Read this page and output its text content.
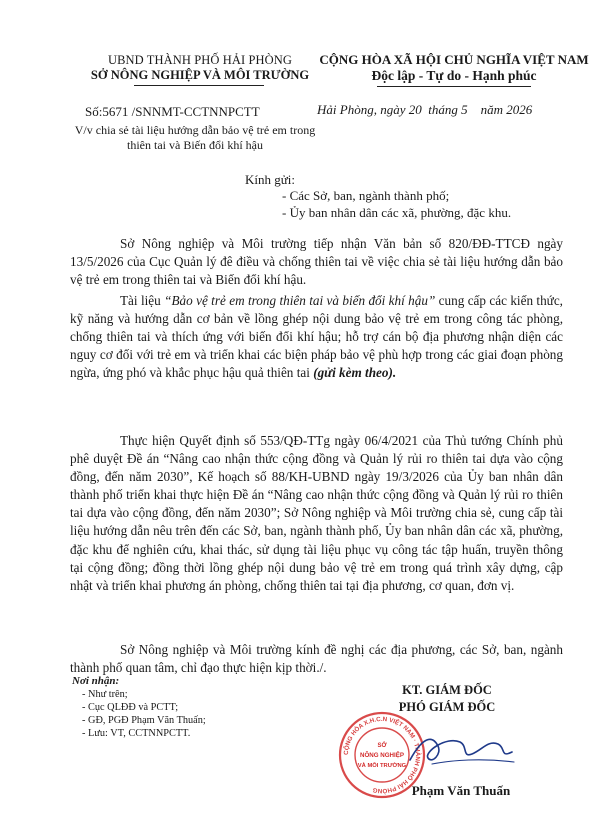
UBND THÀNH PHỐ HẢI PHÒNG
SỞ NÔNG NGHIỆP VÀ MÔI TRƯỜNG
CỘNG HÒA XÃ HỘI CHỦ NGHĨA VIỆT NAM
Độc lập - Tự do - Hạnh phúc
Số:5671 /SNNMT-CCTNNPCTT
V/v chia sẻ tài liệu hướng dẫn bảo vệ trẻ em trong thiên tai và Biến đổi khí hậu
Hải Phòng, ngày 20  tháng 5    năm 2026
Kính gửi:
- Các Sở, ban, ngành thành phố;
- Ủy ban nhân dân các xã, phường, đặc khu.
Sở Nông nghiệp và Môi trường tiếp nhận Văn bản số 820/ĐĐ-TTCĐ ngày 13/5/2026 của Cục Quản lý đê điều và chống thiên tai về việc chia sẻ tài liệu hướng dẫn bảo vệ trẻ em trong thiên tai và Biến đổi khí hậu.
Tài liệu “Bảo vệ trẻ em trong thiên tai và biến đổi khí hậu” cung cấp các kiến thức, kỹ năng và hướng dẫn cơ bản về lồng ghép nội dung bảo vệ trẻ em trong công tác phòng, chống thiên tai và thích ứng với biến đổi khí hậu; hỗ trợ cán bộ địa phương nhận diện các nguy cơ đối với trẻ em và triển khai các biện pháp bảo vệ phù hợp trong các giai đoạn phòng ngừa, ứng phó và khắc phục hậu quả thiên tai (gửi kèm theo).
Thực hiện Quyết định số 553/QĐ-TTg ngày 06/4/2021 của Thủ tướng Chính phủ phê duyệt Đề án “Nâng cao nhận thức cộng đồng và Quản lý rủi ro thiên tai dựa vào cộng đồng, đến năm 2030”, Kế hoạch số 88/KH-UBND ngày 19/3/2026 của Ủy ban nhân dân thành phố triển khai thực hiện Đề án “Nâng cao nhận thức cộng đồng và Quản lý rủi ro thiên tai dựa vào cộng đồng, đến năm 2030”; Sở Nông nghiệp và Môi trường chia sẻ, cung cấp tài liệu hướng dẫn nêu trên đến các Sở, ban, ngành thành phố, Ủy ban nhân dân các xã, phường, đặc khu để nghiên cứu, khai thác, sử dụng tài liệu phục vụ công tác tập huấn, truyền thông tại cộng đồng; đồng thời lồng ghép nội dung bảo vệ trẻ em trong quá trình xây dựng, cập nhật và triển khai phương án phòng, chống thiên tai tại địa phương, cơ quan, đơn vị.
Sở Nông nghiệp và Môi trường kính đề nghị các địa phương, các Sở, ban, ngành thành phố quan tâm, chỉ đạo thực hiện kịp thời./.
Nơi nhận:
- Như trên;
- Cục QLĐĐ và PCTT;
- GĐ, PGĐ Phạm Văn Thuấn;
- Lưu: VT, CCTNNPCTT.
KT. GIÁM ĐỐC
PHÓ GIÁM ĐỐC
CỘNG HÒA X.H.C.N VIỆT NAM · THÀNH PHỐ HẢI PHÒNG
SỞ
NÔNG NGHIỆP
VÀ MÔI TRƯỜNG
Phạm Văn Thuấn
